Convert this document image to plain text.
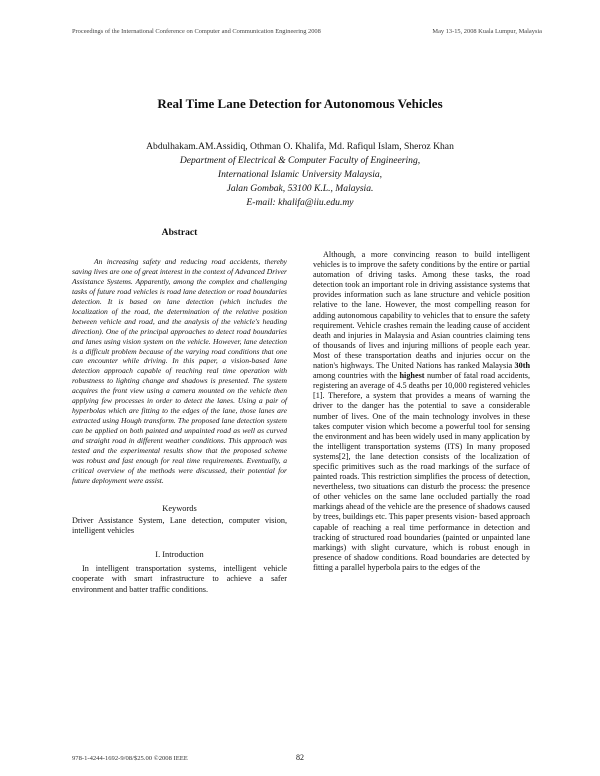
Proceedings of the International Conference on Computer and Communication Engineering 2008	May 13-15, 2008 Kuala Lumpur, Malaysia
Real Time Lane Detection for Autonomous Vehicles
Abdulhakam.AM.Assidiq, Othman O. Khalifa, Md. Rafiqul Islam, Sheroz Khan
Department of Electrical & Computer Faculty of Engineering,
International Islamic University Malaysia,
Jalan Gombak, 53100 K.L., Malaysia.
E-mail: khalifa@iiu.edu.my
Abstract

An increasing safety and reducing road accidents, thereby saving lives are one of great interest in the context of Advanced Driver Assistance Systems. Apparently, among the complex and challenging tasks of future road vehicles is road lane detection or road boundaries detection. It is based on lane detection (which includes the localization of the road, the determination of the relative position between vehicle and road, and the analysis of the vehicle's heading direction). One of the principal approaches to detect road boundaries and lanes using vision system on the vehicle. However, lane detection is a difficult problem because of the varying road conditions that one can encounter while driving. In this paper, a vision-based lane detection approach capable of reaching real time operation with robustness to lighting change and shadows is presented. The system acquires the front view using a camera mounted on the vehicle then applying few processes in order to detect the lanes. Using a pair of hyperbolas which are fitting to the edges of the lane, those lanes are extracted using Hough transform. The proposed lane detection system can be applied on both painted and unpainted road as well as curved and straight road in different weather conditions. This approach was tested and the experimental results show that the proposed scheme was robust and fast enough for real time requirements. Eventually, a critical overview of the methods were discussed, their potential for future deployment were assist.

Keywords

Driver Assistance System, Lane detection, computer vision, intelligent vehicles

I. Introduction

In intelligent transportation systems, intelligent vehicle cooperate with smart infrastructure to achieve a safer environment and batter traffic conditions.

Although, a more convincing reason to build intelligent vehicles is to improve the safety conditions by the entire or partial automation of driving tasks. Among these tasks, the road detection took an important role in driving assistance systems that provides information such as lane structure and vehicle position relative to the lane. However, the most compelling reason for adding autonomous capability to vehicles that to ensure the safety requirement. Vehicle crashes remain the leading cause of accident death and injuries in Malaysia and Asian countries claiming tens of thousands of lives and injuring millions of people each year. Most of these transportation deaths and injuries occur on the nation's highways. The United Nations has ranked Malaysia 30th among countries with the highest number of fatal road accidents, registering an average of 4.5 deaths per 10,000 registered vehicles [1]. Therefore, a system that provides a means of warning the driver to the danger has the potential to save a considerable number of lives. One of the main technology involves in these takes computer vision which become a powerful tool for sensing the environment and has been widely used in many application by the intelligent transportation systems (ITS) In many proposed systems[2], the lane detection consists of the localization of specific primitives such as the road markings of the surface of painted roads. This restriction simplifies the process of detection, nevertheless, two situations can disturb the process: the presence of other vehicles on the same lane occluded partially the road markings ahead of the vehicle are the presence of shadows caused by trees, buildings etc. This paper presents vision- based approach capable of reaching a real time performance in detection and tracking of structured road boundaries (painted or unpainted lane markings) with slight curvature, which is robust enough in presence of shadow conditions. Road boundaries are detected by fitting a parallel hyperbola pairs to the edges of the

978-1-4244-1692-9/08/$25.00 ©2008 IEEE	82
